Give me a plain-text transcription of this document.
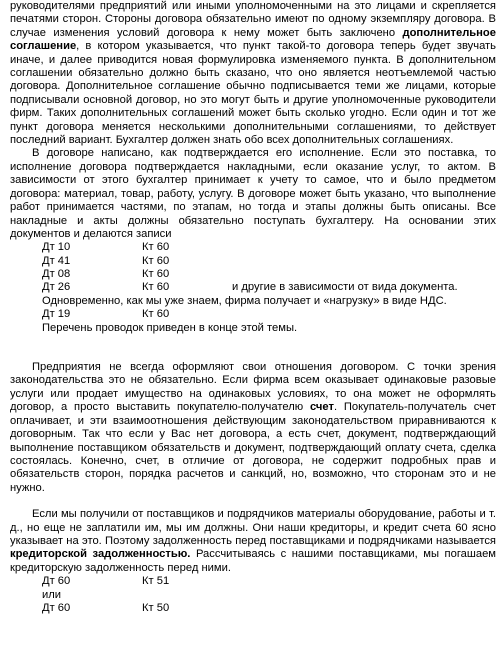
руководителями предприятий или иными уполномоченными на это лицами и скрепляется печатями сторон. Стороны договора обязательно имеют по одному экземпляру договора. В случае изменения условий договора к нему может быть заключено дополнительное соглашение, в котором указывается, что пункт такой-то договора теперь будет звучать иначе, и далее приводится новая формулировка изменяемого пункта. В дополнительном соглашении обязательно должно быть сказано, что оно является неотъемлемой частью договора. Дополнительное соглашение обычно подписывается теми же лицами, которые подписывали основной договор, но это могут быть и другие уполномоченные руководители фирм. Таких дополнительных соглашений может быть сколько угодно. Если один и тот же пункт договора меняется несколькими дополнительными соглашениями, то действует последний вариант. Бухгалтер должен знать обо всех дополнительных соглашениях.

В договоре написано, как подтверждается его исполнение. Если это поставка, то исполнение договора подтверждается накладными, если оказание услуг, то актом. В зависимости от этого бухгалтер принимает к учету то самое, что и было предметом договора: материал, товар, работу, услугу. В договоре может быть указано, что выполнение работ принимается частями, по этапам, но тогда и этапы должны быть описаны. Все накладные и акты должны обязательно поступать бухгалтеру. На основании этих документов и делаются записи

Дт 10	Кт 60
Дт 41	Кт 60
Дт 08	Кт 60
Дт 26	Кт 60	и другие в зависимости от вида документа.
Одновременно, как мы уже знаем, фирма получает и «нагрузку» в виде НДС.
Дт 19	Кт 60
Перечень проводок приведен в конце этой темы.

Предприятия не всегда оформляют свои отношения договором. С точки зрения законодательства это не обязательно. Если фирма всем оказывает одинаковые разовые услуги или продает имущество на одинаковых условиях, то она может не оформлять договор, а просто выставить покупателю-получателю счет. Покупатель-получатель счет оплачивает, и эти взаимоотношения действующим законодательством приравниваются к договорным. Так что если у Вас нет договора, а есть счет, документ, подтверждающий выполнение поставщиком обязательств и документ, подтверждающий оплату счета, сделка состоялась. Конечно, счет, в отличие от договора, не содержит подробных прав и обязательств сторон, порядка расчетов и санкций, но, возможно, что сторонам это и не нужно.

Если мы получили от поставщиков и подрядчиков материалы оборудование, работы и т. д., но еще не заплатили им, мы им должны. Они наши кредиторы, и кредит счета 60 ясно указывает на это. Поэтому задолженность перед поставщиками и подрядчиками называется кредиторской задолженностью. Рассчитываясь с нашими поставщиками, мы погашаем кредиторскую задолженность перед ними.

Дт 60	Кт 51
или
Дт 60	Кт 50
